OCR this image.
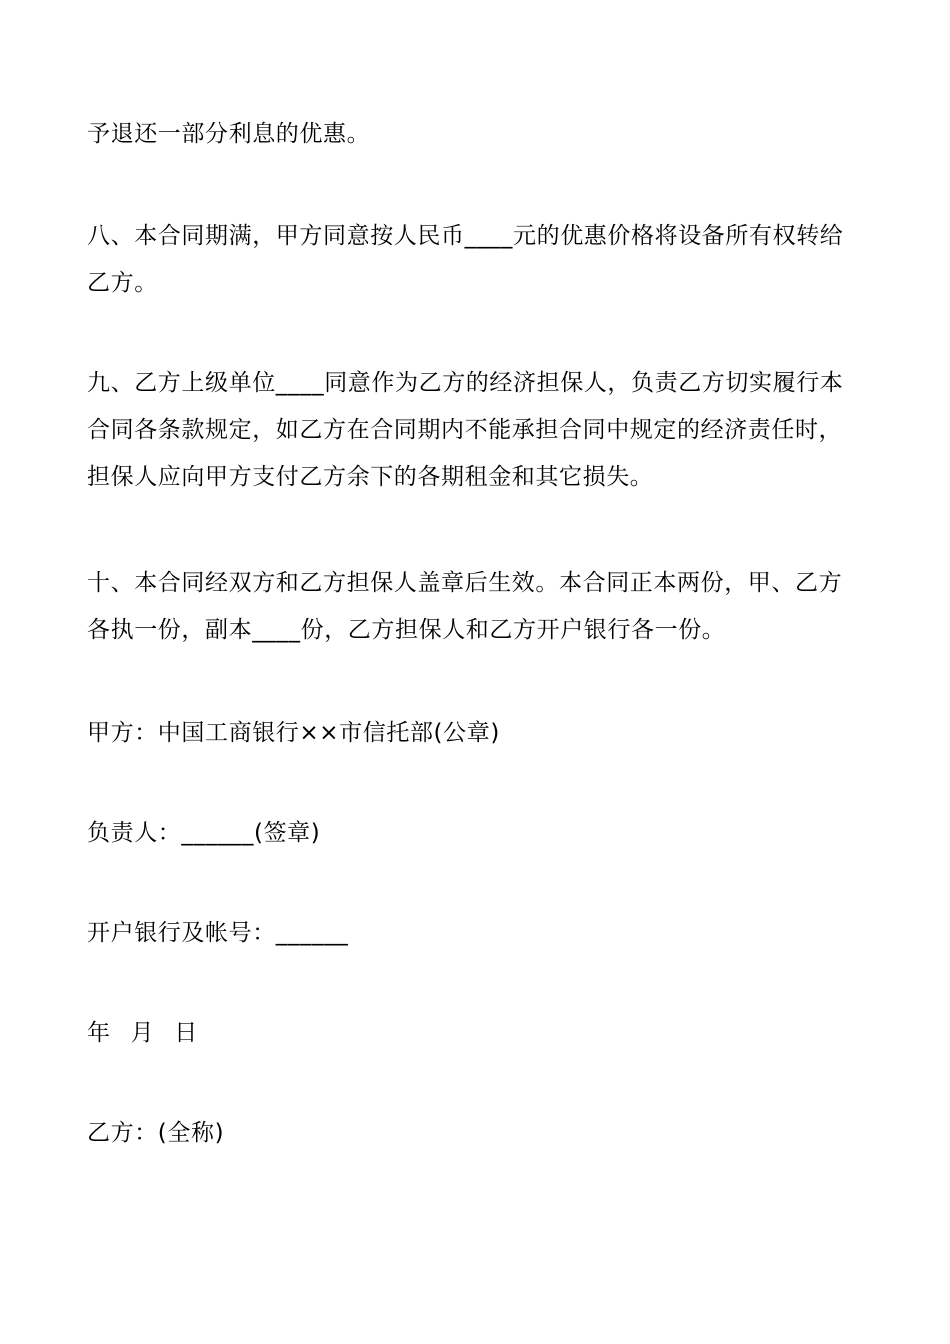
予退还一部分利息的优惠。

八、本合同期满，甲方同意按人民币____元的优惠价格将设备所有权转给
乙方。

九、乙方上级单位____同意作为乙方的经济担保人，负责乙方切实履行本
合同各条款规定，如乙方在合同期内不能承担合同中规定的经济责任时，
担保人应向甲方支付乙方余下的各期租金和其它损失。

十、本合同经双方和乙方担保人盖章后生效。本合同正本两份，甲、乙方
各执一份，副本____份，乙方担保人和乙方开户银行各一份。

甲方：中国工商银行××市信托部(公章)

负责人：______(签章)

开户银行及帐号：______

年 月 日

乙方：(全称)
